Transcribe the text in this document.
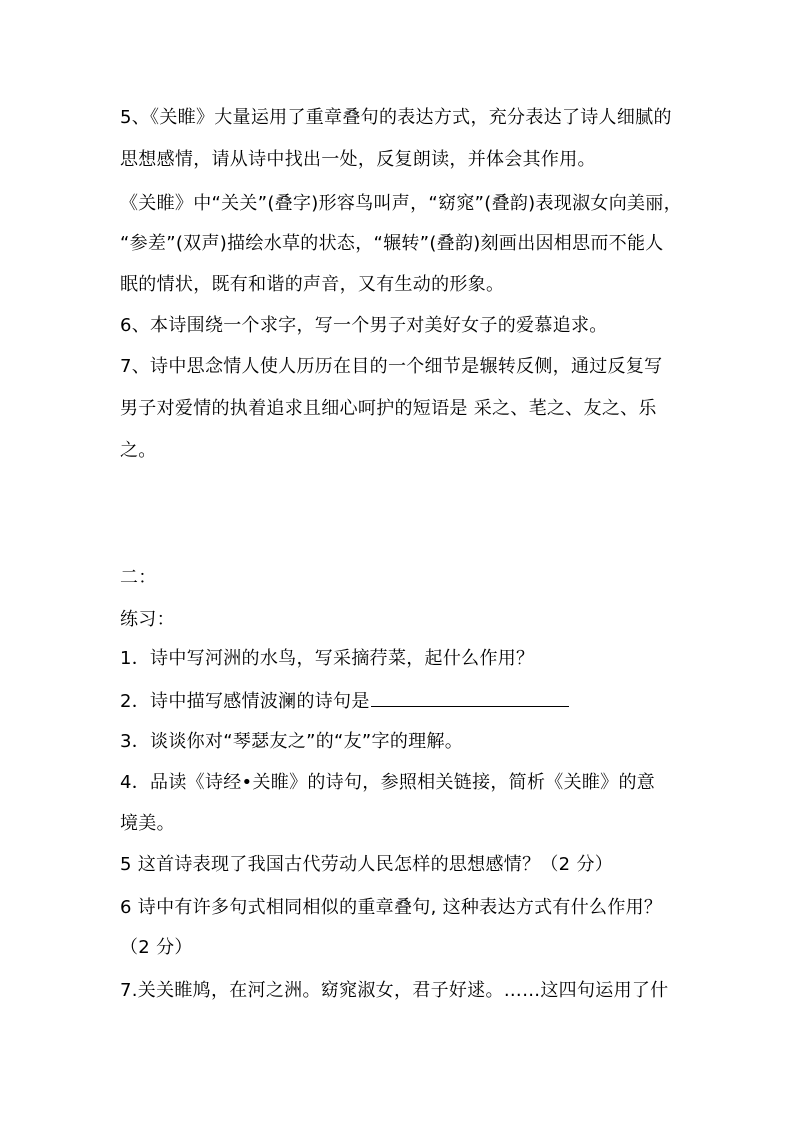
5、《关睢》大量运用了重章叠句的表达方式，充分表达了诗人细腻的
思想感情，请从诗中找出一处，反复朗读，并体会其作用。
《关睢》中“关关”(叠字)形容鸟叫声，“窈窕”(叠韵)表现淑女向美丽，
“参差”(双声)描绘水草的状态，“辗转”(叠韵)刻画出因相思而不能人
眠的情状，既有和谐的声音，又有生动的形象。
6、本诗围绕一个求字，写一个男子对美好女子的爱慕追求。
7、诗中思念情人使人历历在目的一个细节是辗转反侧，通过反复写
男子对爱情的执着追求且细心呵护的短语是 采之、芼之、友之、乐
之。
二：
练习：
1．诗中写河洲的水鸟，写采摘荇菜，起什么作用？
2．诗中描写感情波澜的诗句是
3．谈谈你对“琴瑟友之”的“友”字的理解。
4．品读《诗经•关睢》的诗句，参照相关链接，简析《关睢》的意
境美。
5 这首诗表现了我国古代劳动人民怎样的思想感情？（2 分）
6 诗中有许多句式相同相似的重章叠句, 这种表达方式有什么作用？
（2 分）
7.关关睢鸠，在河之洲。窈窕淑女，君子好逑。……这四句运用了什
